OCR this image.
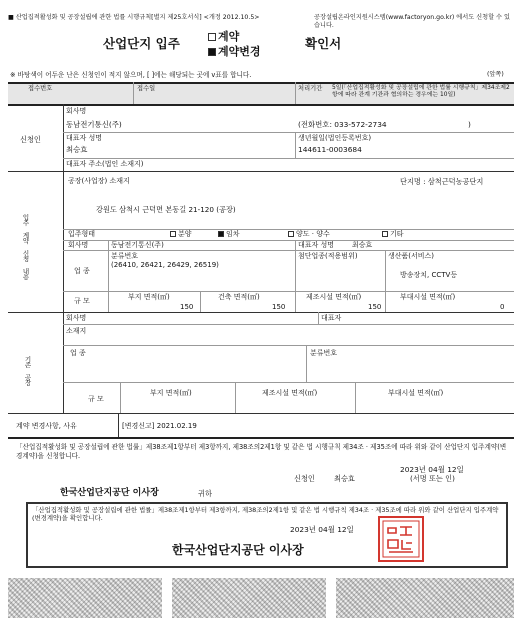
■ 산업집적활성화 및 공장설립에 관한 법률 시행규칙[별지 제25호서식] <개정 2012.10.5>	공장설립온라인지원시스템(www.factoryon.go.kr) 에서도 신청할 수 있습니다.
산업단지 입주	계약
계약변경
확인서
※ 바탕색이 어두운 난은 신청인이 적지 않으며, [ ]에는 해당되는 곳에 v표를 합니다.	(앞쪽)
접수번호	접수일	처리기간 5일(「산업집적활성화 및 공장설립에 관한 법률 시행규칙」제34조제2항에 따라 관계 기관과 협의하는 경우에는 10일)
신청인
회사명
동남전기통신(주)	(전화번호: 033-572-2734	)
대표자 성명
최승효
생년월일(법인등록번호)
144611-0003684
대표자 주소(법인 소재지)
입주 계약 신청 내용
공장(사업장) 소재지	단지명 : 삼척근덕농공단지
강원도 삼척시 근덕면 본동길 21-120 (공장)
입주형태	분양	임차	양도 · 양수	기타
회사명	동남전기통신(주)	대표자 성명	최승효
업 종
분류번호
(26410, 26421, 26429, 26519)
첨단업종(적용범위)	생산품(서비스)
방송장치, CCTV등
규 모	부지 면적(㎡)
150
건축 면적(㎡)
150
제조시설 면적(㎡)
150
부대시설 면적(㎡)
0
기존 공장
회사명	대표자
소재지
업 종	분류번호
규 모
부지 면적(㎡)	제조시설 면적(㎡)	부대시설 면적(㎡)
계약 변경사항, 사유	[변경신고] 2021.02.19
「산업집적활성화 및 공장설립에 관한 법률」제38조제1항부터 제3항까지, 제38조의2제1항 및 같은 법 시행규칙 제34조 · 제35조에 따라 위와 같이 산업단지 입주계약(변경계약)을 신청합니다.
2023년 04월 12일
신청인	최승효	(서명 또는 인)
한국산업단지공단 이사장	귀하
「산업집적활성화 및 공장설립에 관한 법률」제38조제1항부터 제3항까지, 제38조의2제1항 및 같은 법 시행규칙 제34조 · 제35조에 따라 위와 같이 산업단지 입주계약(변경계약)을 확인합니다.
2023년 04월 12일
한국산업단지공단 이사장
